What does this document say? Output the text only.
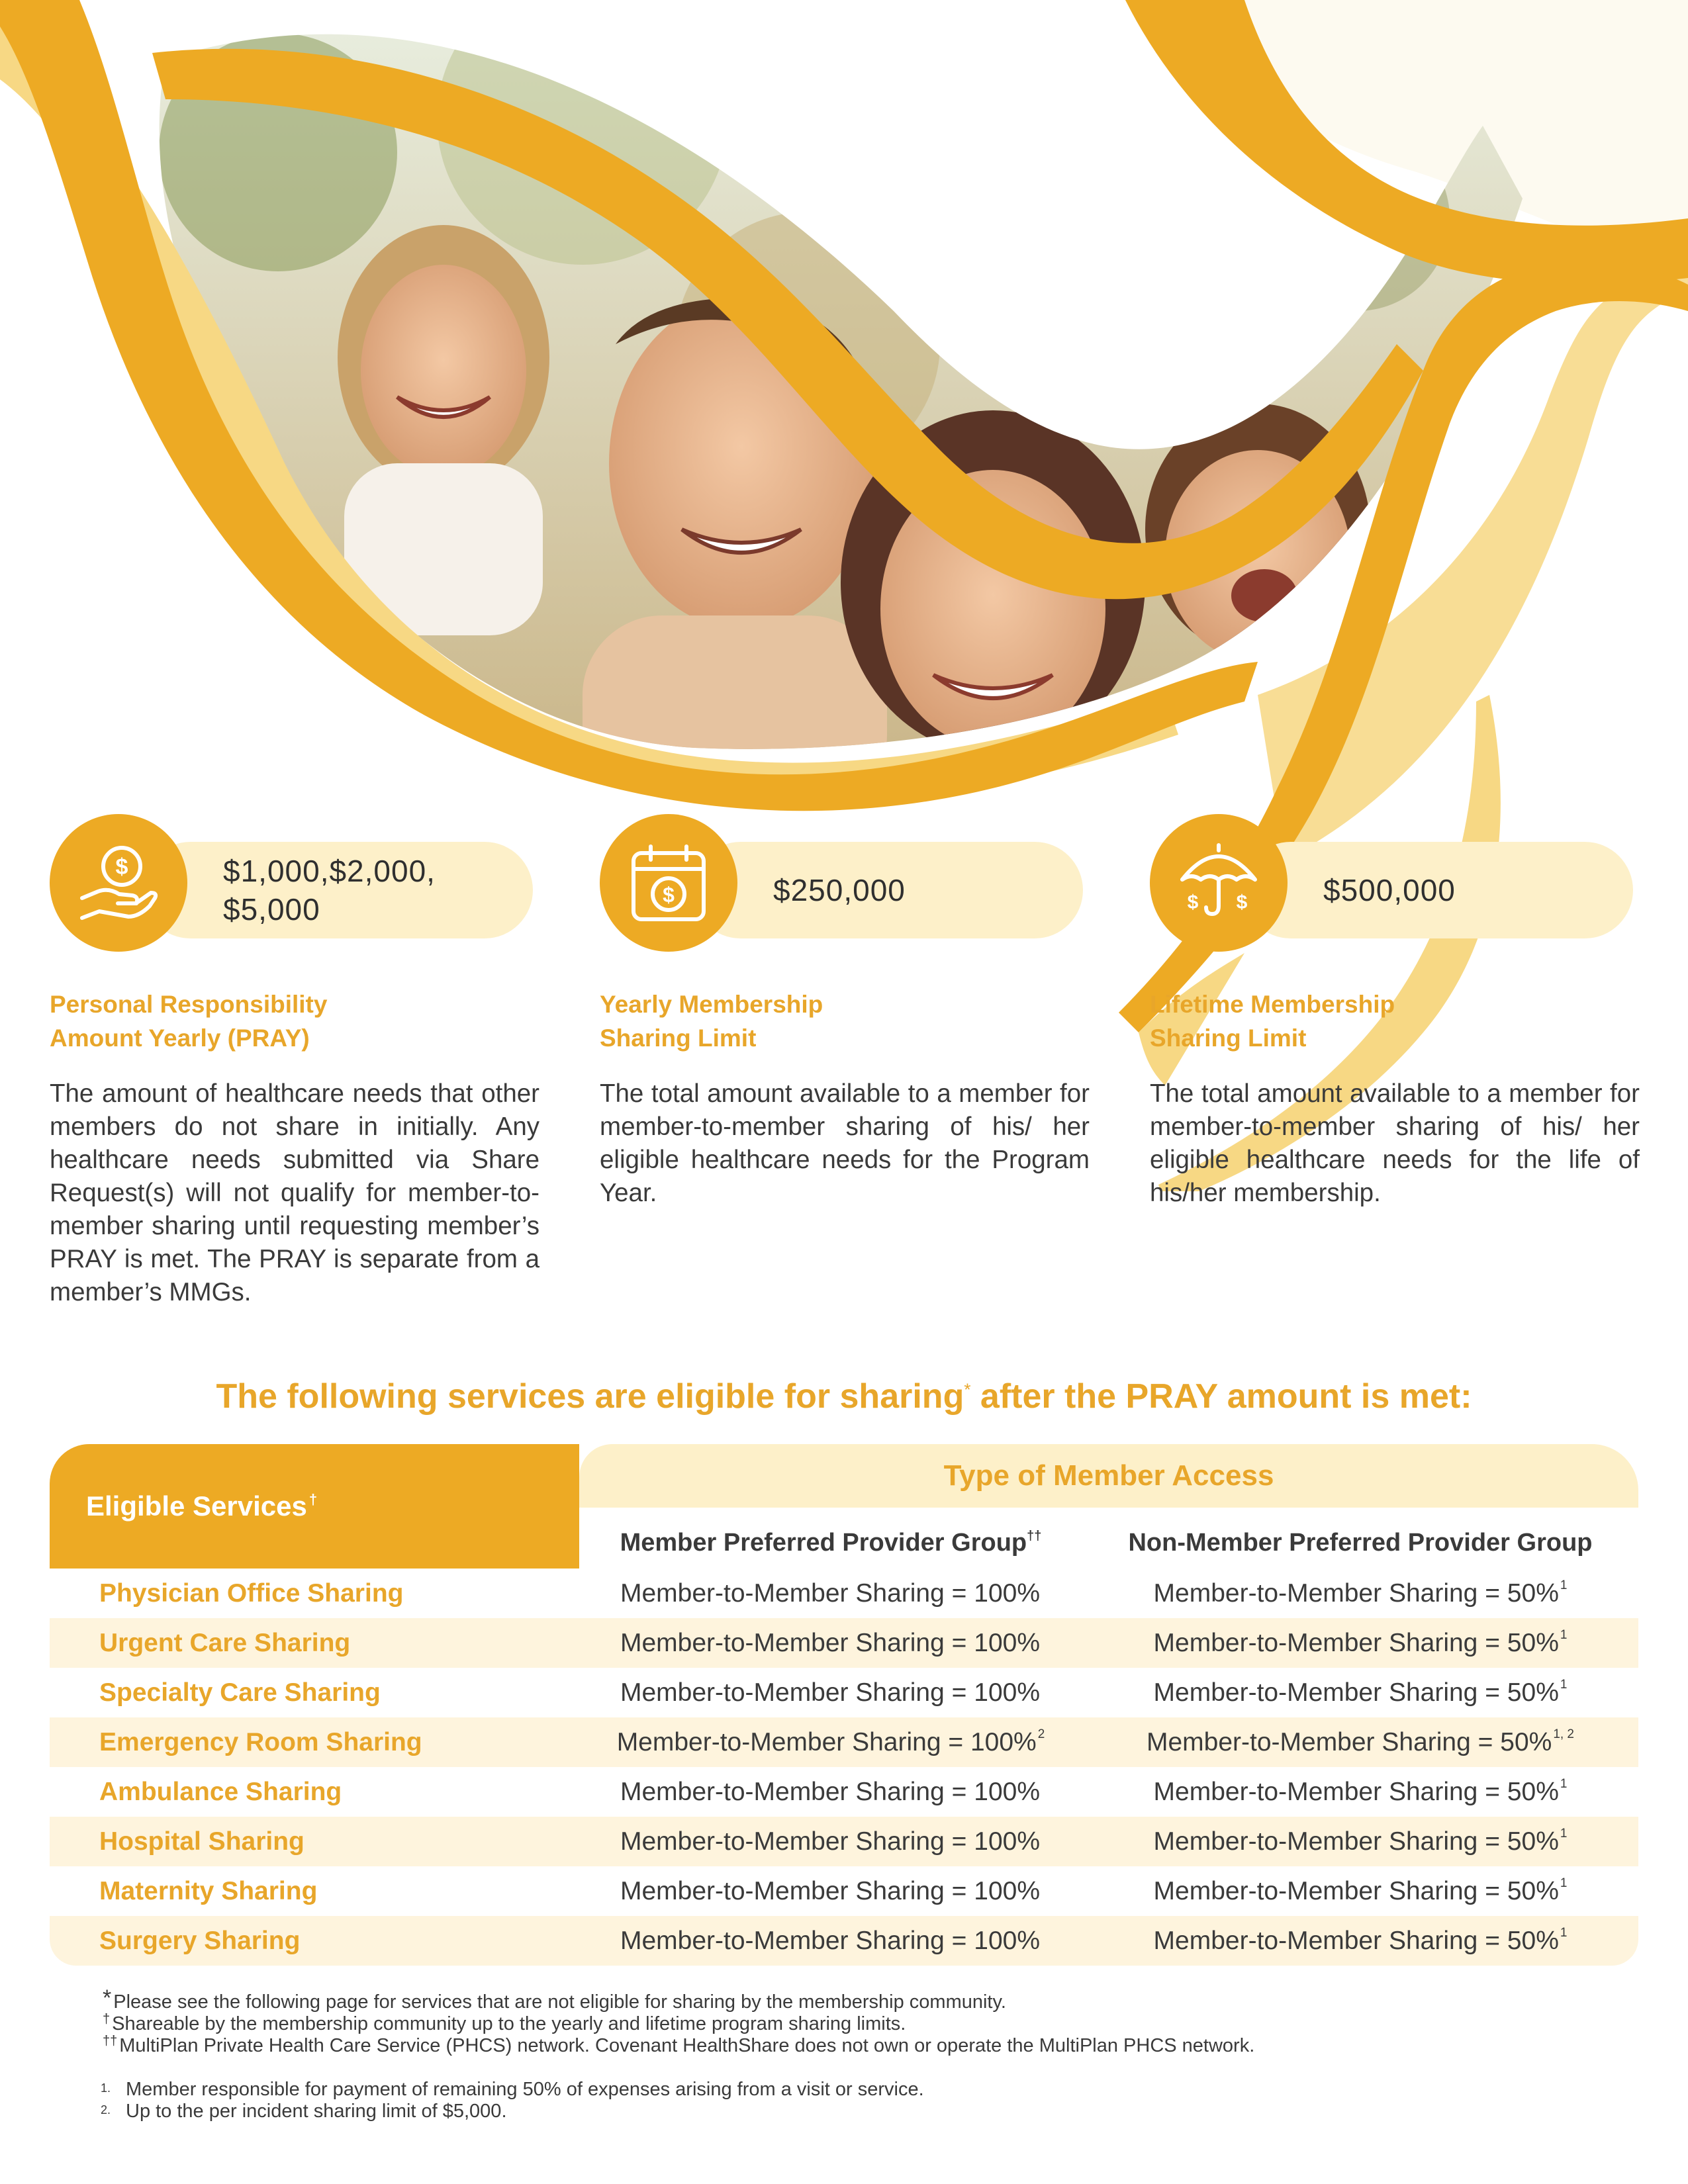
$	$1,000,$2,000,
$5,000
Personal Responsibility
Amount Yearly (PRAY)
The amount of healthcare needs that other members do not share in initially. Any healthcare needs submitted via Share Request(s) will not qualify for member-to-member sharing until requesting member’s PRAY is met. The PRAY is separate from a member’s MMGs.
$	$250,000
Yearly Membership
Sharing Limit
The total amount available to a member for member-to-member sharing of his/ her eligible healthcare needs for the Program Year.
$ $ $500,000
Lifetime Membership
Sharing Limit
The total amount available to a member for member-to-member sharing of his/ her eligible healthcare needs for the life of his/her membership.
The following services are eligible for sharing* after the PRAY amount is met:
Eligible Services†
Type of Member Access
Member Preferred Provider Group††	Non-Member Preferred Provider Group
Physician Office Sharing	Member-to-Member Sharing = 100%	Member-to-Member Sharing = 50%$^1$
Urgent Care Sharing	Member-to-Member Sharing = 100%	Member-to-Member Sharing = 50%$^1$
Specialty Care Sharing	Member-to-Member Sharing = 100%	Member-to-Member Sharing = 50%$^1$
Emergency Room Sharing	Member-to-Member Sharing = 100%$^2$	Member-to-Member Sharing = 50%$^{1, 2}$
Ambulance Sharing	Member-to-Member Sharing = 100%	Member-to-Member Sharing = 50%$^1$
Hospital Sharing	Member-to-Member Sharing = 100%	Member-to-Member Sharing = 50%$^1$
Maternity Sharing	Member-to-Member Sharing = 100%	Member-to-Member Sharing = 50%$^1$
Surgery Sharing	Member-to-Member Sharing = 100%	Member-to-Member Sharing = 50%$^1$
* Please see the following page for services that are not eligible for sharing by the membership community.
† Shareable by the membership community up to the yearly and lifetime program sharing limits.
†† MultiPlan Private Health Care Service (PHCS) network. Covenant HealthShare does not own or operate the MultiPlan PHCS network.
1. Member responsible for payment of remaining 50% of expenses arising from a visit or service.
2. Up to the per incident sharing limit of $5,000.
